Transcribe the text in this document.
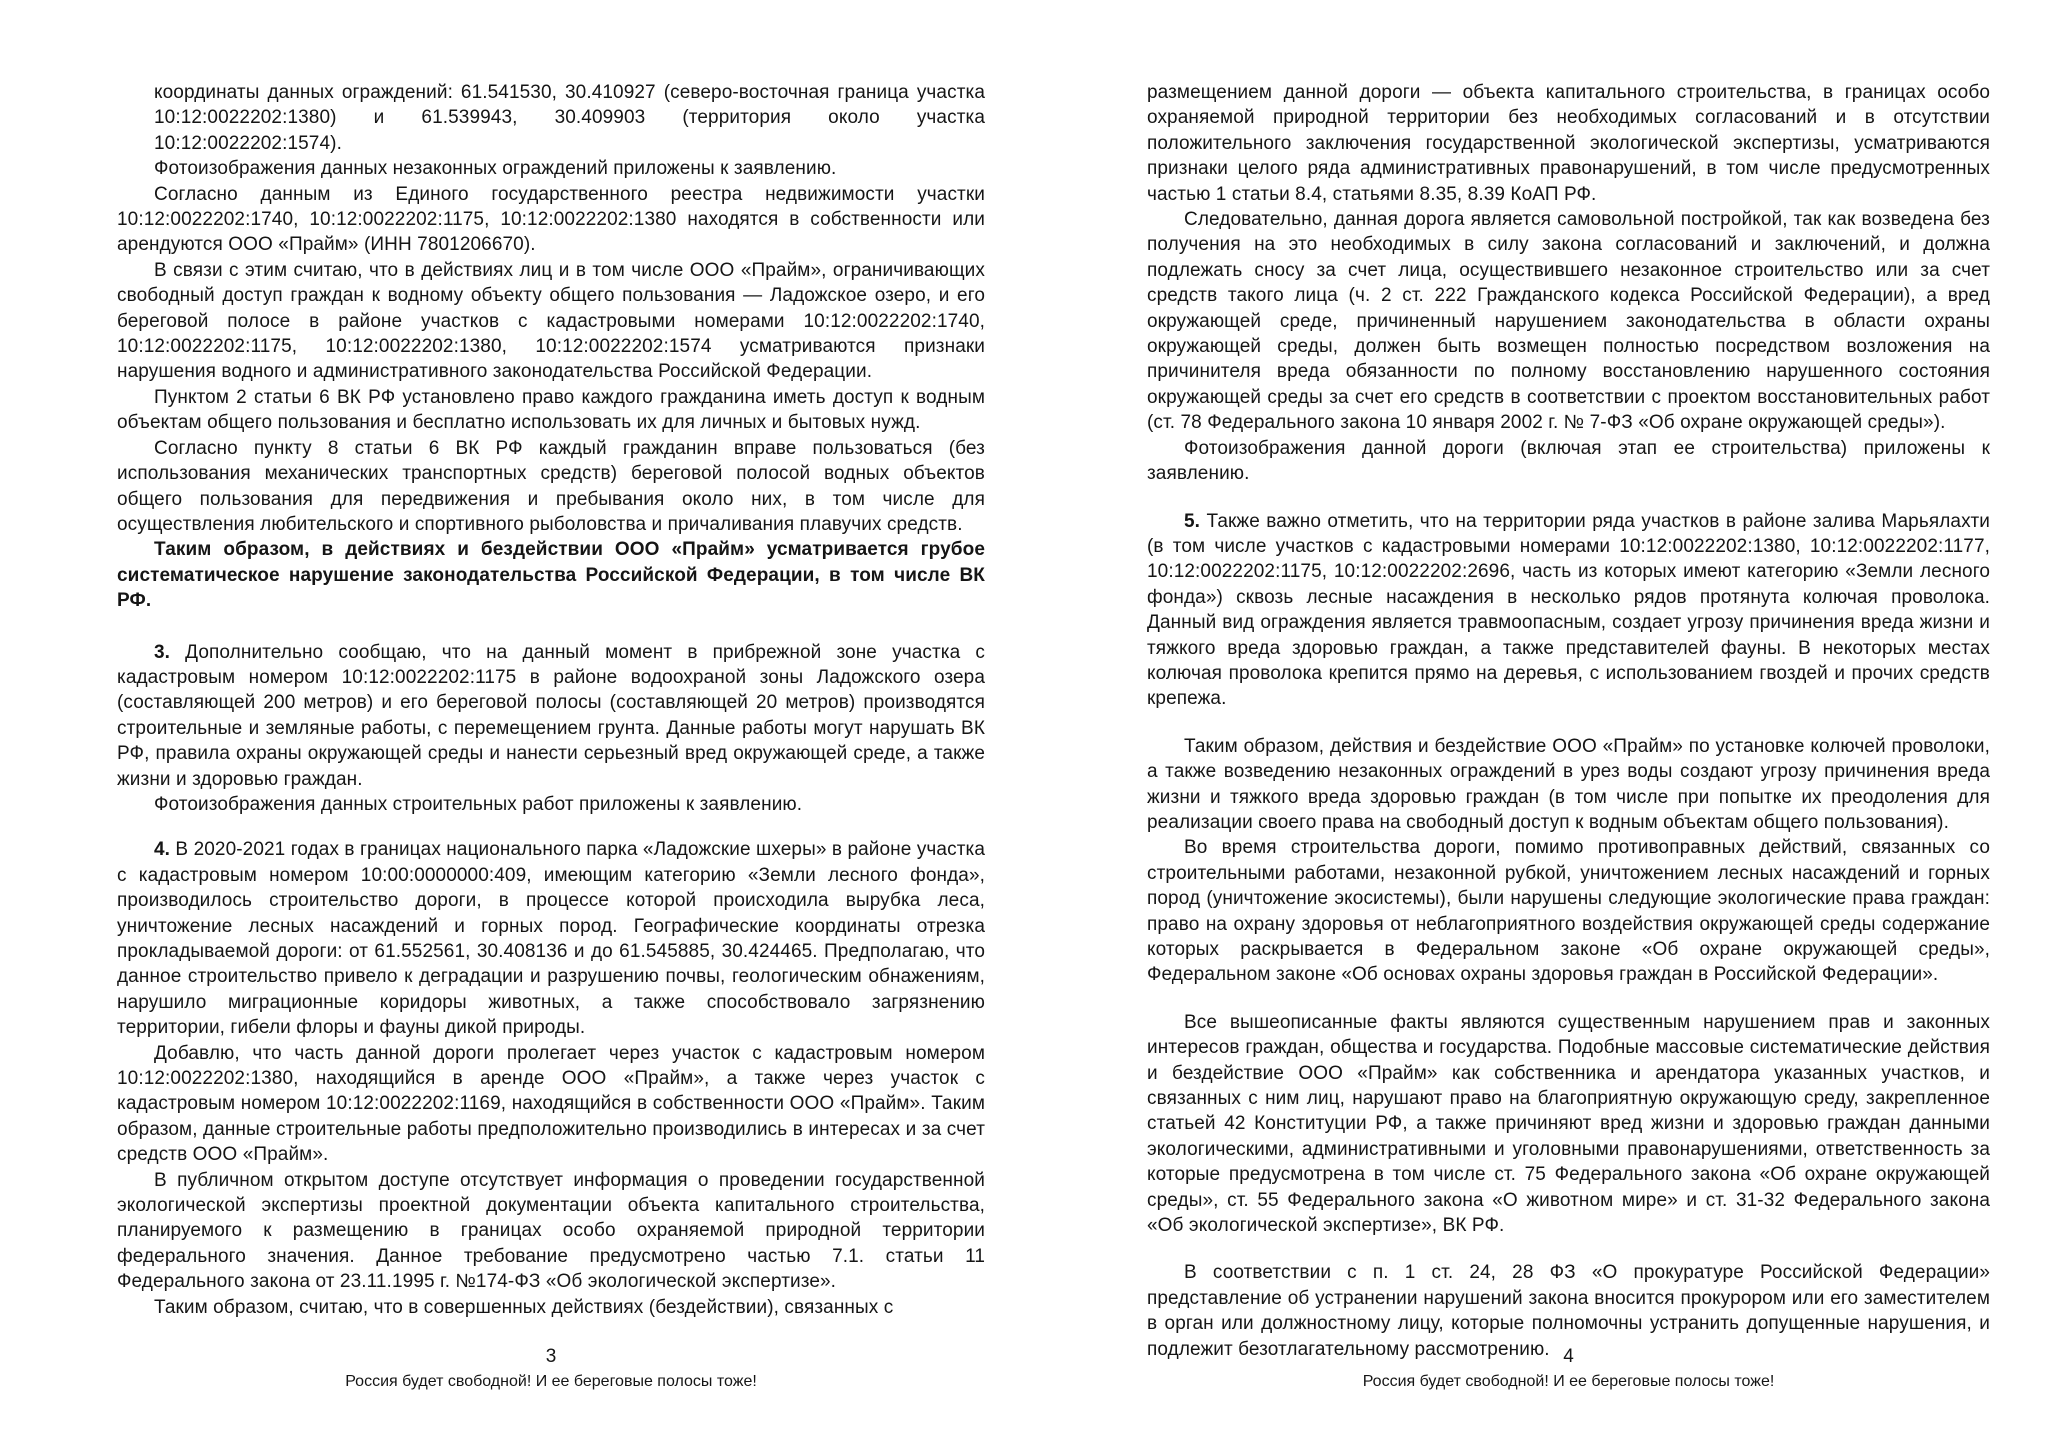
координаты данных ограждений: 61.541530, 30.410927 (северо-восточная граница участка 10:12:0022202:1380) и 61.539943, 30.409903 (территория около участка 10:12:0022202:1574).

Фотоизображения данных незаконных ограждений приложены к заявлению.

Согласно данным из Единого государственного реестра недвижимости участки 10:12:0022202:1740, 10:12:0022202:1175, 10:12:0022202:1380 находятся в собственности или арендуются ООО «Прайм» (ИНН 7801206670).

В связи с этим считаю, что в действиях лиц и в том числе ООО «Прайм», ограничивающих свободный доступ граждан к водному объекту общего пользования — Ладожское озеро, и его береговой полосе в районе участков с кадастровыми номерами 10:12:0022202:1740, 10:12:0022202:1175, 10:12:0022202:1380, 10:12:0022202:1574 усматриваются признаки нарушения водного и административного законодательства Российской Федерации.

Пунктом 2 статьи 6 ВК РФ установлено право каждого гражданина иметь доступ к водным объектам общего пользования и бесплатно использовать их для личных и бытовых нужд.

Согласно пункту 8 статьи 6 ВК РФ каждый гражданин вправе пользоваться (без использования механических транспортных средств) береговой полосой водных объектов общего пользования для передвижения и пребывания около них, в том числе для осуществления любительского и спортивного рыболовства и причаливания плавучих средств.

Таким образом, в действиях и бездействии ООО «Прайм» усматривается грубое систематическое нарушение законодательства Российской Федерации, в том числе ВК РФ.

3. Дополнительно сообщаю, что на данный момент в прибрежной зоне участка с кадастровым номером 10:12:0022202:1175 в районе водоохраной зоны Ладожского озера (составляющей 200 метров) и его береговой полосы (составляющей 20 метров) производятся строительные и земляные работы, с перемещением грунта. Данные работы могут нарушать ВК РФ, правила охраны окружающей среды и нанести серьезный вред окружающей среде, а также жизни и здоровью граждан.

Фотоизображения данных строительных работ приложены к заявлению.

4. В 2020-2021 годах в границах национального парка «Ладожские шхеры» в районе участка с кадастровым номером 10:00:0000000:409, имеющим категорию «Земли лесного фонда», производилось строительство дороги, в процессе которой происходила вырубка леса, уничтожение лесных насаждений и горных пород. Географические координаты отрезка прокладываемой дороги: от 61.552561, 30.408136 и до 61.545885, 30.424465. Предполагаю, что данное строительство привело к деградации и разрушению почвы, геологическим обнажениям, нарушило миграционные коридоры животных, а также способствовало загрязнению территории, гибели флоры и фауны дикой природы.

Добавлю, что часть данной дороги пролегает через участок с кадастровым номером 10:12:0022202:1380, находящийся в аренде ООО «Прайм», а также через участок с кадастровым номером 10:12:0022202:1169, находящийся в собственности ООО «Прайм». Таким образом, данные строительные работы предположительно производились в интересах и за счет средств ООО «Прайм».

В публичном открытом доступе отсутствует информация о проведении государственной экологической экспертизы проектной документации объекта капитального строительства, планируемого к размещению в границах особо охраняемой природной территории федерального значения. Данное требование предусмотрено частью 7.1. статьи 11 Федерального закона от 23.11.1995 г. №174-ФЗ «Об экологической экспертизе».

Таким образом, считаю, что в совершенных действиях (бездействии), связанных с

размещением данной дороги — объекта капитального строительства, в границах особо охраняемой природной территории без необходимых согласований и в отсутствии положительного заключения государственной экологической экспертизы, усматриваются признаки целого ряда административных правонарушений, в том числе предусмотренных частью 1 статьи 8.4, статьями 8.35, 8.39 КоАП РФ.

Следовательно, данная дорога является самовольной постройкой, так как возведена без получения на это необходимых в силу закона согласований и заключений, и должна подлежать сносу за счет лица, осуществившего незаконное строительство или за счет средств такого лица (ч. 2 ст. 222 Гражданского кодекса Российской Федерации), а вред окружающей среде, причиненный нарушением законодательства в области охраны окружающей среды, должен быть возмещен полностью посредством возложения на причинителя вреда обязанности по полному восстановлению нарушенного состояния окружающей среды за счет его средств в соответствии с проектом восстановительных работ (ст. 78 Федерального закона 10 января 2002 г. № 7-ФЗ «Об охране окружающей среды»).

Фотоизображения данной дороги (включая этап ее строительства) приложены к заявлению.

5. Также важно отметить, что на территории ряда участков в районе залива Марьялахти (в том числе участков с кадастровыми номерами 10:12:0022202:1380, 10:12:0022202:1177, 10:12:0022202:1175, 10:12:0022202:2696, часть из которых имеют категорию «Земли лесного фонда») сквозь лесные насаждения в несколько рядов протянута колючая проволока. Данный вид ограждения является травмоопасным, создает угрозу причинения вреда жизни и тяжкого вреда здоровью граждан, а также представителей фауны. В некоторых местах колючая проволока крепится прямо на деревья, с использованием гвоздей и прочих средств крепежа.

Таким образом, действия и бездействие ООО «Прайм» по установке колючей проволоки, а также возведению незаконных ограждений в урез воды создают угрозу причинения вреда жизни и тяжкого вреда здоровью граждан (в том числе при попытке их преодоления для реализации своего права на свободный доступ к водным объектам общего пользования).

Во время строительства дороги, помимо противоправных действий, связанных со строительными работами, незаконной рубкой, уничтожением лесных насаждений и горных пород (уничтожение экосистемы), были нарушены следующие экологические права граждан: право на охрану здоровья от неблагоприятного воздействия окружающей среды содержание которых раскрывается в Федеральном законе «Об охране окружающей среды», Федеральном законе «Об основах охраны здоровья граждан в Российской Федерации».

Все вышеописанные факты являются существенным нарушением прав и законных интересов граждан, общества и государства. Подобные массовые систематические действия и бездействие ООО «Прайм» как собственника и арендатора указанных участков, и связанных с ним лиц, нарушают право на благоприятную окружающую среду, закрепленное статьей 42 Конституции РФ, а также причиняют вред жизни и здоровью граждан данными экологическими, административными и уголовными правонарушениями, ответственность за которые предусмотрена в том числе ст. 75 Федерального закона «Об охране окружающей среды», ст. 55 Федерального закона «О животном мире» и ст. 31-32 Федерального закона «Об экологической экспертизе», ВК РФ.

В соответствии с п. 1 ст. 24, 28 ФЗ «О прокуратуре Российской Федерации» представление об устранении нарушений закона вносится прокурором или его заместителем в орган или должностному лицу, которые полномочны устранить допущенные нарушения, и подлежит безотлагательному рассмотрению.

3
Россия будет свободной! И ее береговые полосы тоже!
4
Россия будет свободной! И ее береговые полосы тоже!
